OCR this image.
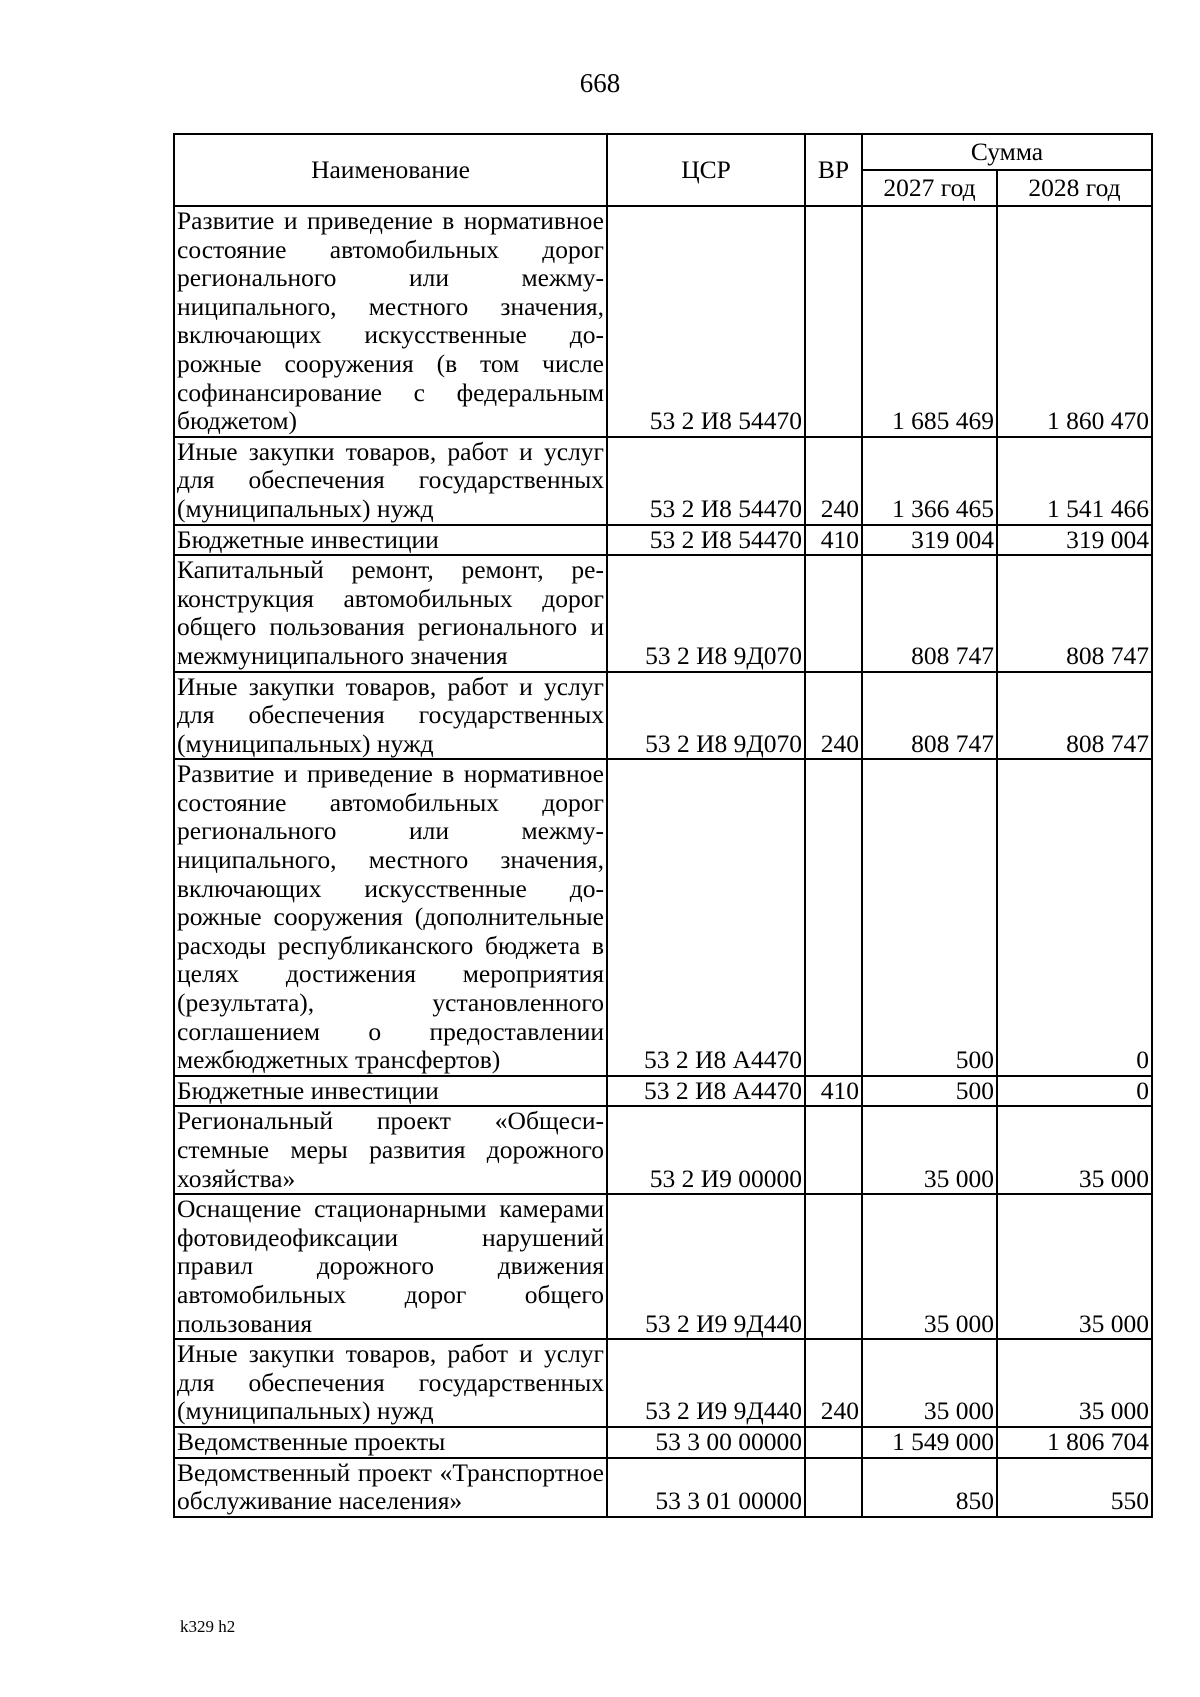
668
Наименование	ЦСР	ВР	Сумма	
			2027 год	2028 год
Развитие и приведение в нормативное состояние автомобильных дорог регионального или межмуниципального, местного значения, включающих искусственные дорожные сооружения (в том числе софинансирование с федеральным бюджетом)	53 2 И8 54470		1 685 469	1 860 470
Иные закупки товаров, работ и услуг для обеспечения государственных (муниципальных) нужд	53 2 И8 54470	240	1 366 465	1 541 466
Бюджетные инвестиции	53 2 И8 54470	410	319 004	319 004
Капитальный ремонт, ремонт, реконструкция автомобильных дорог общего пользования регионального и межмуниципального значения	53 2 И8 9Д070		808 747	808 747
Иные закупки товаров, работ и услуг для обеспечения государственных (муниципальных) нужд	53 2 И8 9Д070	240	808 747	808 747
Развитие и приведение в нормативное состояние автомобильных дорог регионального или межмуниципального, местного значения, включающих искусственные дорожные сооружения (дополнительные расходы республиканского бюджета в целях достижения мероприятия (результата), установленного соглашением о предоставлении межбюджетных трансфертов)	53 2 И8 А4470		500	0
Бюджетные инвестиции	53 2 И8 А4470	410	500	0
Региональный проект «Общесистемные меры развития дорожного хозяйства»	53 2 И9 00000		35 000	35 000
Оснащение стационарными камерами фотовидеофиксации нарушений правил дорожного движения автомобильных дорог общего пользования	53 2 И9 9Д440		35 000	35 000
Иные закупки товаров, работ и услуг для обеспечения государственных (муниципальных) нужд	53 2 И9 9Д440	240	35 000	35 000
Ведомственные проекты	53 3 00 00000		1 549 000	1 806 704
Ведомственный проект «Транспортное обслуживание населения»	53 3 01 00000		850	550
k329 h2
